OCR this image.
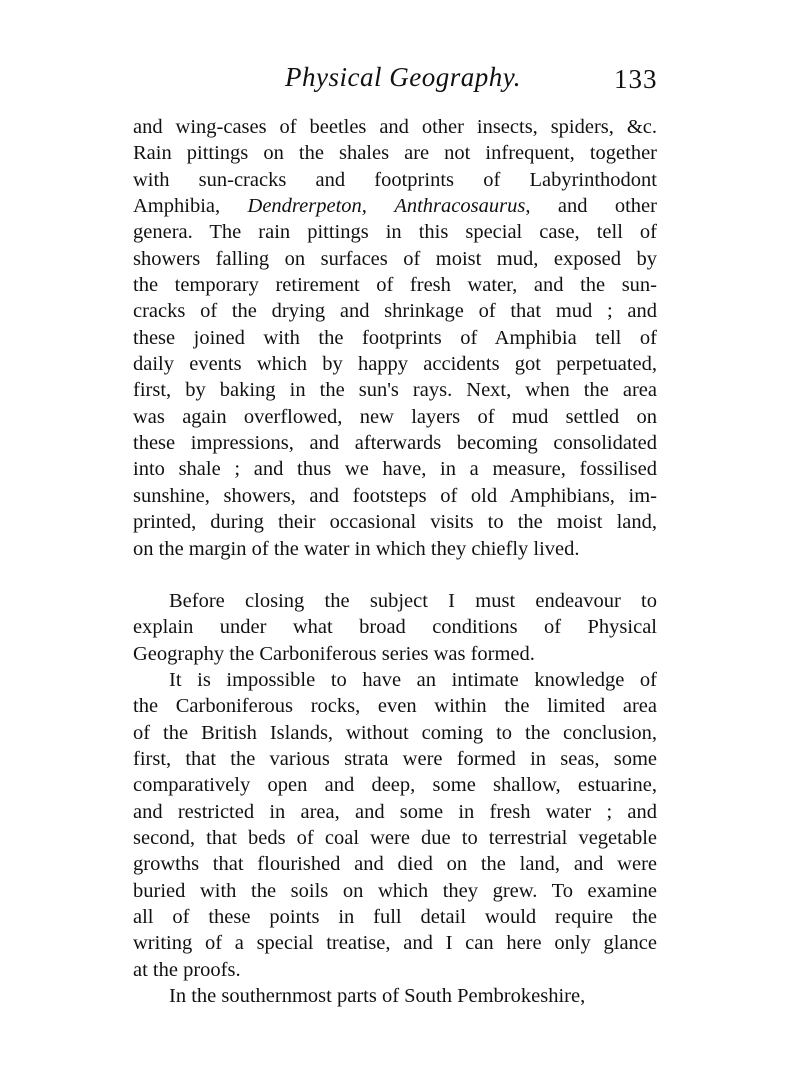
Physical Geography.	133
and wing-cases of beetles and other insects, spiders, &c.
Rain pittings on the shales are not infrequent, together
with sun-cracks and footprints of Labyrinthodont
Amphibia, Dendrerpeton, Anthracosaurus, and other
genera. The rain pittings in this special case, tell of
showers falling on surfaces of moist mud, exposed by
the temporary retirement of fresh water, and the sun-
cracks of the drying and shrinkage of that mud ; and
these joined with the footprints of Amphibia tell of
daily events which by happy accidents got perpetuated,
first, by baking in the sun's rays. Next, when the area
was again overflowed, new layers of mud settled on
these impressions, and afterwards becoming consolidated
into shale ; and thus we have, in a measure, fossilised
sunshine, showers, and footsteps of old Amphibians, im-
printed, during their occasional visits to the moist land,
on the margin of the water in which they chiefly lived.
Before closing the subject I must endeavour to
explain under what broad conditions of Physical
Geography the Carboniferous series was formed.
It is impossible to have an intimate knowledge of
the Carboniferous rocks, even within the limited area
of the British Islands, without coming to the conclusion,
first, that the various strata were formed in seas, some
comparatively open and deep, some shallow, estuarine,
and restricted in area, and some in fresh water ; and
second, that beds of coal were due to terrestrial vegetable
growths that flourished and died on the land, and were
buried with the soils on which they grew. To examine
all of these points in full detail would require the
writing of a special treatise, and I can here only glance
at the proofs.
In the southernmost parts of South Pembrokeshire,
